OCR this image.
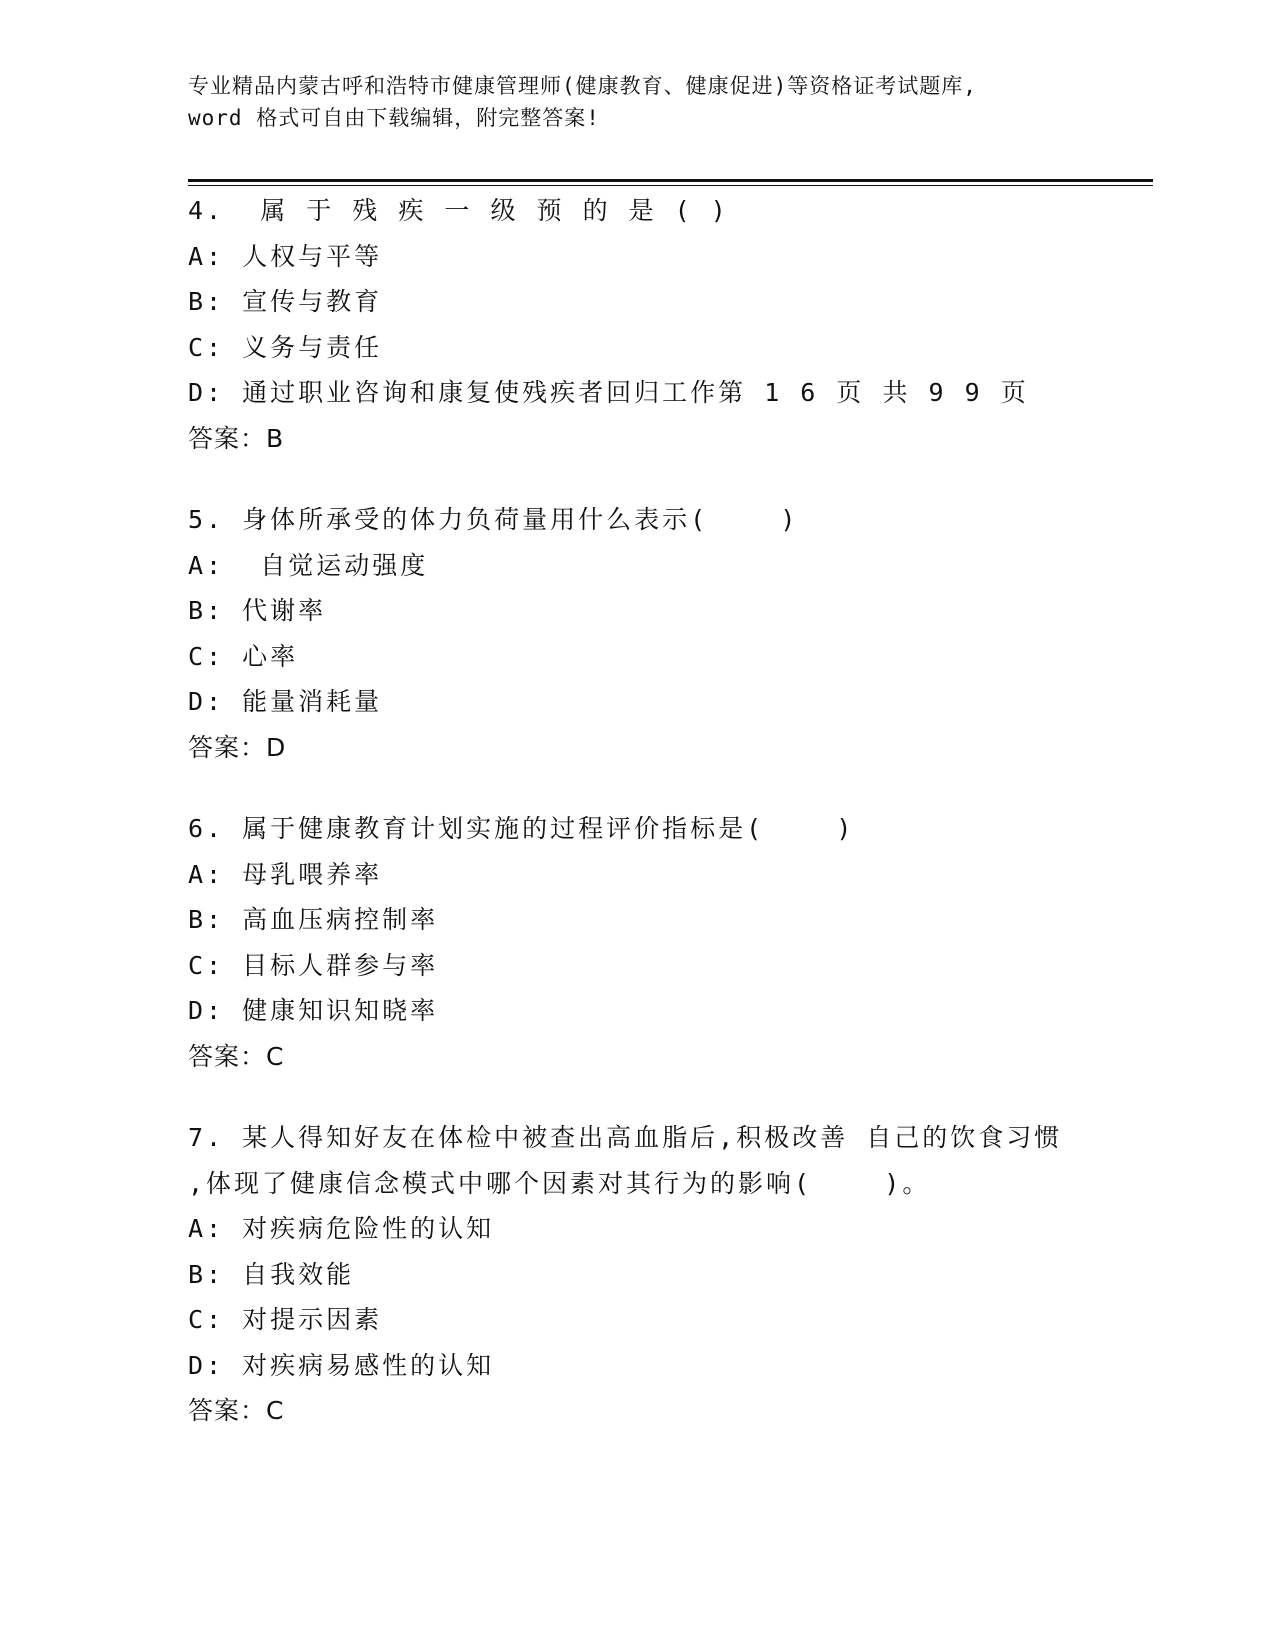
专业精品内蒙古呼和浩特市健康管理师(健康教育、健康促进)等资格证考试题库,
word 格式可自由下载编辑，附完整答案!
4.  属 于 残 疾 一 级 预 的 是 ( )
A: 人权与平等
B: 宣传与教育
C: 义务与责任
D: 通过职业咨询和康复使残疾者回归工作第 1 6 页 共 9 9 页
答案：B
5. 身体所承受的体力负荷量用什么表示(    )
A:  自觉运动强度
B: 代谢率
C: 心率
D: 能量消耗量
答案：D
6. 属于健康教育计划实施的过程评价指标是(    )
A: 母乳喂养率
B: 高血压病控制率
C: 目标人群参与率
D: 健康知识知晓率
答案：C
7. 某人得知好友在体检中被查出高血脂后,积极改善 自己的饮食习惯
,体现了健康信念模式中哪个因素对其行为的影响(    )。
A: 对疾病危险性的认知
B: 自我效能
C: 对提示因素
D: 对疾病易感性的认知
答案：C
